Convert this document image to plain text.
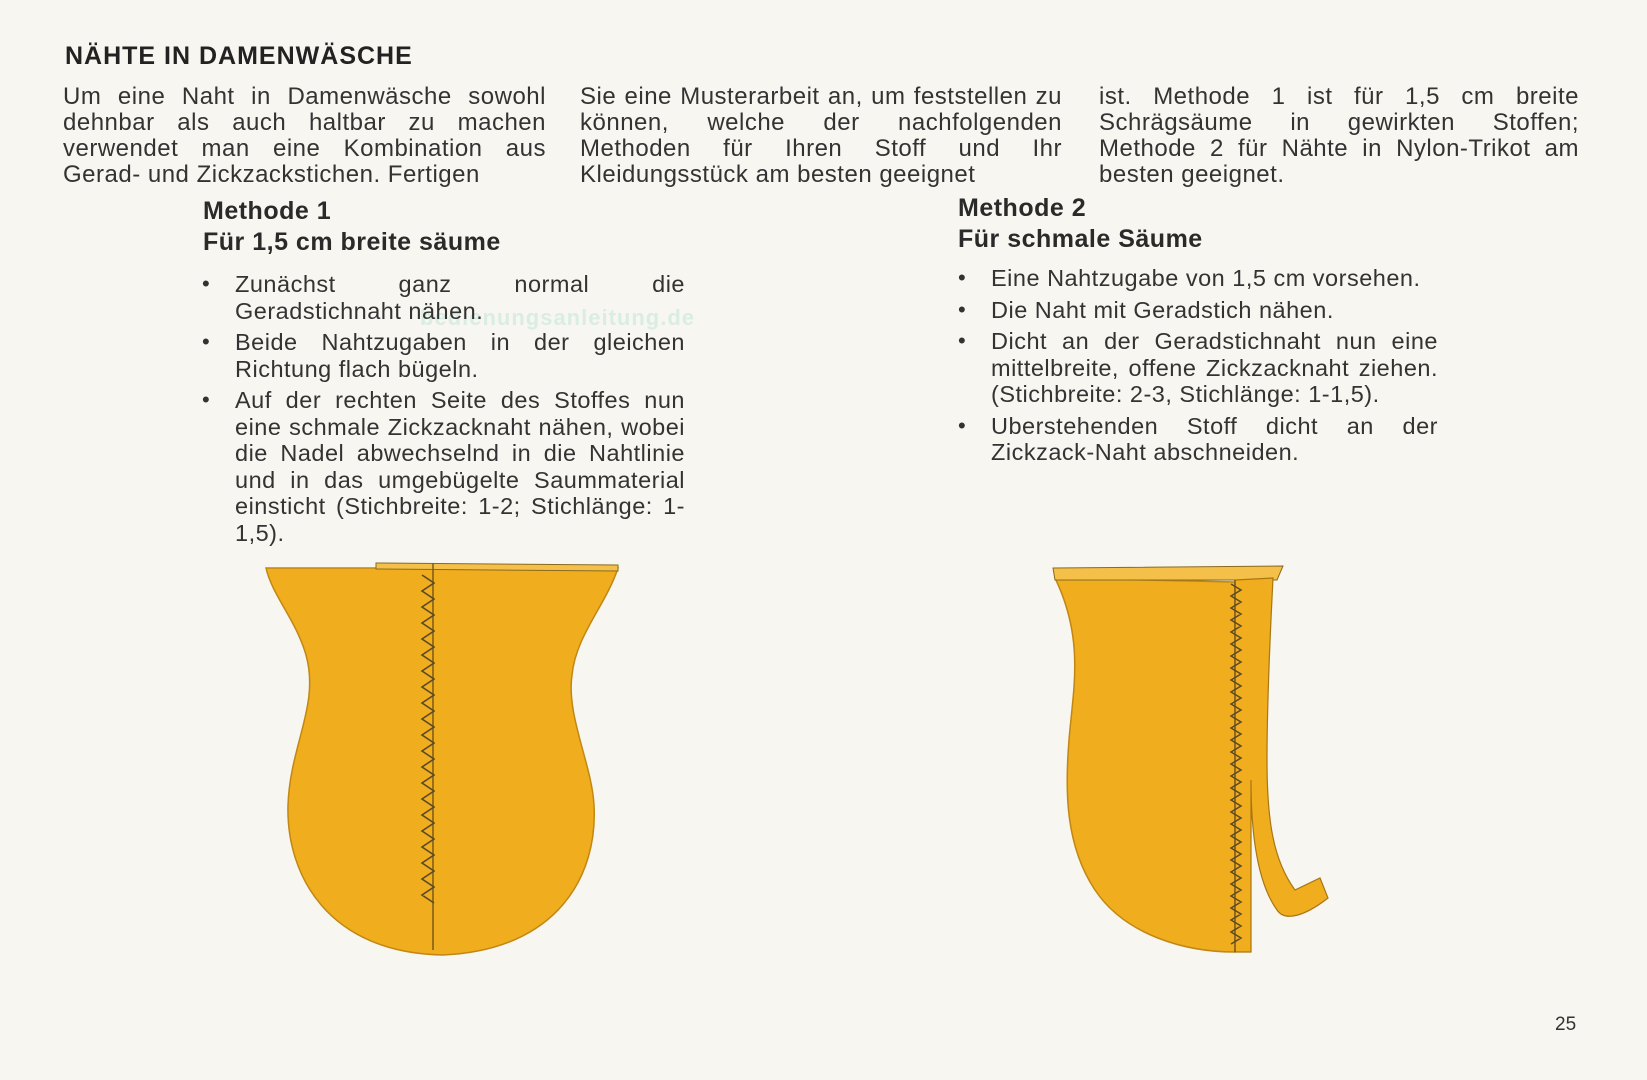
NÄHTE IN DAMENWÄSCHE

Um eine Naht in Damenwäsche sowohl dehnbar als auch haltbar zu machen verwendet man eine Kombination aus Gerad- und Zickzackstichen. Fertigen

Sie eine Musterarbeit an, um feststellen zu können, welche der nachfolgenden Methoden für Ihren Stoff und Ihr Kleidungsstück am besten geeignet

ist. Methode 1 ist für 1,5 cm breite Schrägsäume in gewirkten Stoffen; Methode 2 für Nähte in Nylon-Trikot am besten geeignet.

bedienungsanleitung.de
Methode 1
Für 1,5 cm breite säume
• Zunächst ganz normal die Geradstichnaht nähen.
• Beide Nahtzugaben in der gleichen Richtung flach bügeln.
• Auf der rechten Seite des Stoffes nun eine schmale Zickzacknaht nähen, wobei die Nadel abwechselnd in die Nahtlinie und in das umgebügelte Saummaterial einsticht (Stichbreite: 1-2; Stichlänge: 1-1,5).
Methode 2
Für schmale Säume
• Eine Nahtzugabe von 1,5 cm vorsehen.
• Die Naht mit Geradstich nähen.
• Dicht an der Geradstichnaht nun eine mittelbreite, offene Zickzacknaht ziehen. (Stichbreite: 2-3, Stichlänge: 1-1,5).
• Uberstehenden Stoff dicht an der Zickzack-Naht abschneiden.
25
